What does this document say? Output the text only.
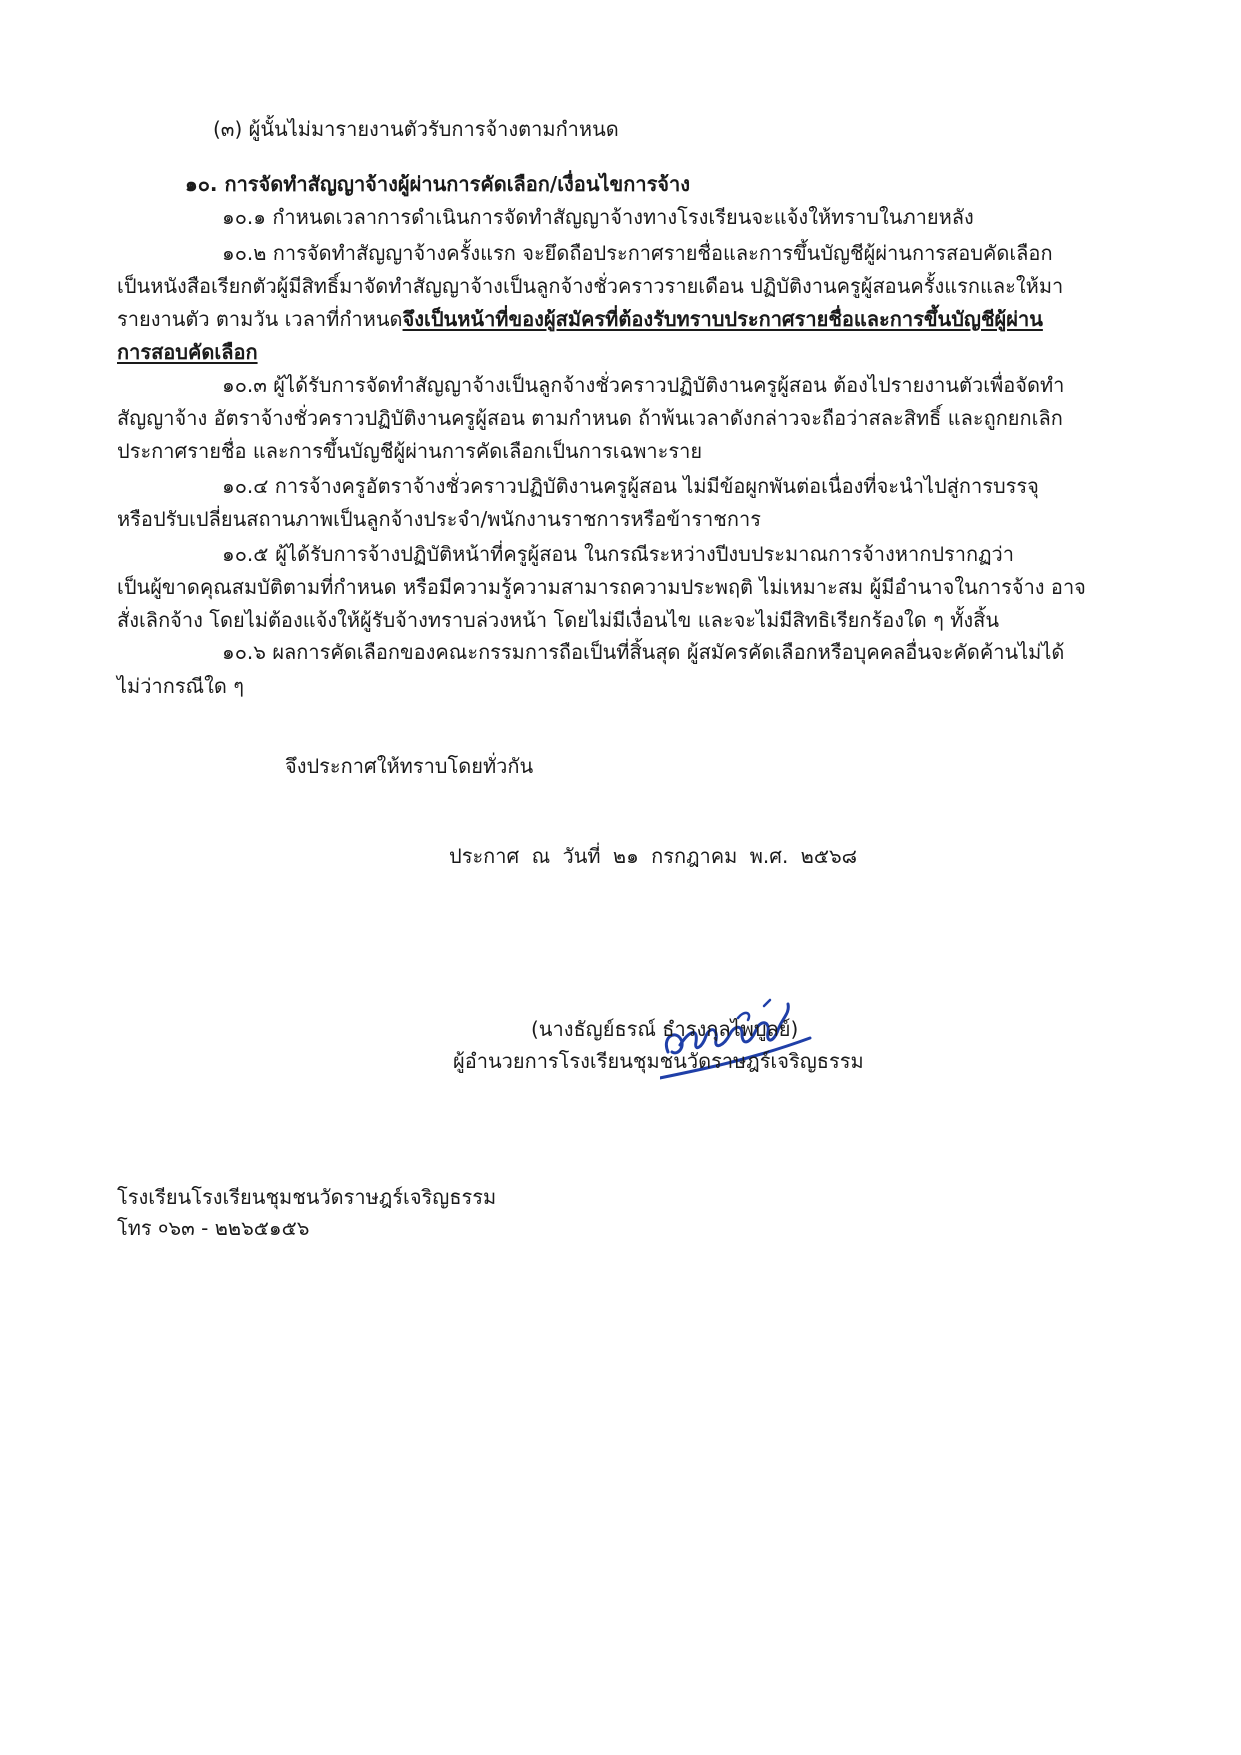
(๓) ผู้นั้นไม่มารายงานตัวรับการจ้างตามกำหนด
๑๐. การจัดทำสัญญาจ้างผู้ผ่านการคัดเลือก/เงื่อนไขการจ้าง
๑๐.๑ กำหนดเวลาการดำเนินการจัดทำสัญญาจ้างทางโรงเรียนจะแจ้งให้ทราบในภายหลัง
๑๐.๒ การจัดทำสัญญาจ้างครั้งแรก จะยึดถือประกาศรายชื่อและการขึ้นบัญชีผู้ผ่านการสอบคัดเลือก
เป็นหนังสือเรียกตัวผู้มีสิทธิ์มาจัดทำสัญญาจ้างเป็นลูกจ้างชั่วคราวรายเดือน ปฏิบัติงานครูผู้สอนครั้งแรกและให้มา
รายงานตัว ตามวัน เวลาที่กำหนด จึงเป็นหน้าที่ของผู้สมัครที่ต้องรับทราบประกาศรายชื่อและการขึ้นบัญชีผู้ผ่าน
การสอบคัดเลือก
๑๐.๓ ผู้ได้รับการจัดทำสัญญาจ้างเป็นลูกจ้างชั่วคราวปฏิบัติงานครูผู้สอน ต้องไปรายงานตัวเพื่อจัดทำ
สัญญาจ้าง อัตราจ้างชั่วคราวปฏิบัติงานครูผู้สอน ตามกำหนด ถ้าพ้นเวลาดังกล่าวจะถือว่าสละสิทธิ์ และถูกยกเลิก
ประกาศรายชื่อ และการขึ้นบัญชีผู้ผ่านการคัดเลือกเป็นการเฉพาะราย
๑๐.๔ การจ้างครูอัตราจ้างชั่วคราวปฏิบัติงานครูผู้สอน ไม่มีข้อผูกพันต่อเนื่องที่จะนำไปสู่การบรรจุ
หรือปรับเปลี่ยนสถานภาพเป็นลูกจ้างประจำ/พนักงานราชการหรือข้าราชการ
๑๐.๕ ผู้ได้รับการจ้างปฏิบัติหน้าที่ครูผู้สอน ในกรณีระหว่างปีงบประมาณการจ้างหากปรากฏว่า
เป็นผู้ขาดคุณสมบัติตามที่กำหนด หรือมีความรู้ความสามารถความประพฤติ ไม่เหมาะสม ผู้มีอำนาจในการจ้าง อาจ
สั่งเลิกจ้าง โดยไม่ต้องแจ้งให้ผู้รับจ้างทราบล่วงหน้า โดยไม่มีเงื่อนไข และจะไม่มีสิทธิเรียกร้องใด ๆ ทั้งสิ้น
๑๐.๖ ผลการคัดเลือกของคณะกรรมการถือเป็นที่สิ้นสุด ผู้สมัครคัดเลือกหรือบุคคลอื่นจะคัดค้านไม่ได้
ไม่ว่ากรณีใด ๆ
จึงประกาศให้ทราบโดยทั่วกัน
ประกาศ ณ วันที่ ๒๑ กรกฎาคม พ.ศ. ๒๕๖๘
(นางธัญย์ธรณ์ ธำรงกุลไพบูลย์)
ผู้อำนวยการโรงเรียนชุมชนวัดราษฎร์เจริญธรรม
โรงเรียนโรงเรียนชุมชนวัดราษฎร์เจริญธรรม
โทร ०๖๓ - ๒๒๖๕๑๕๖
